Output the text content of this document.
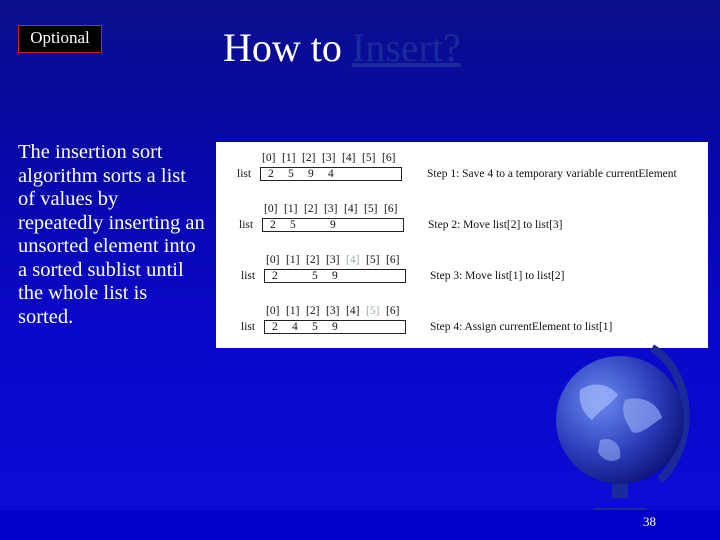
Optional	How to Insert?
The insertion sort algorithm sorts a list of values by repeatedly inserting an unsorted element into a sorted sublist until the whole list is sorted.
[0] [1] [2] [3] [4] [5] [6]
list 2 5 9 4	Step 1: Save 4 to a temporary variable currentElement
[0] [1] [2] [3] [4] [5] [6]
list 2 5	9	Step 2: Move list[2] to list[3]
[0] [1] [2] [3] [4] [5] [6]
list 2	5 9	Step 3: Move list[1] to list[2]
[0] [1] [2] [3] [4] [5] [6]
list 2 4 5 9	Step 4: Assign currentElement to list[1]
38
